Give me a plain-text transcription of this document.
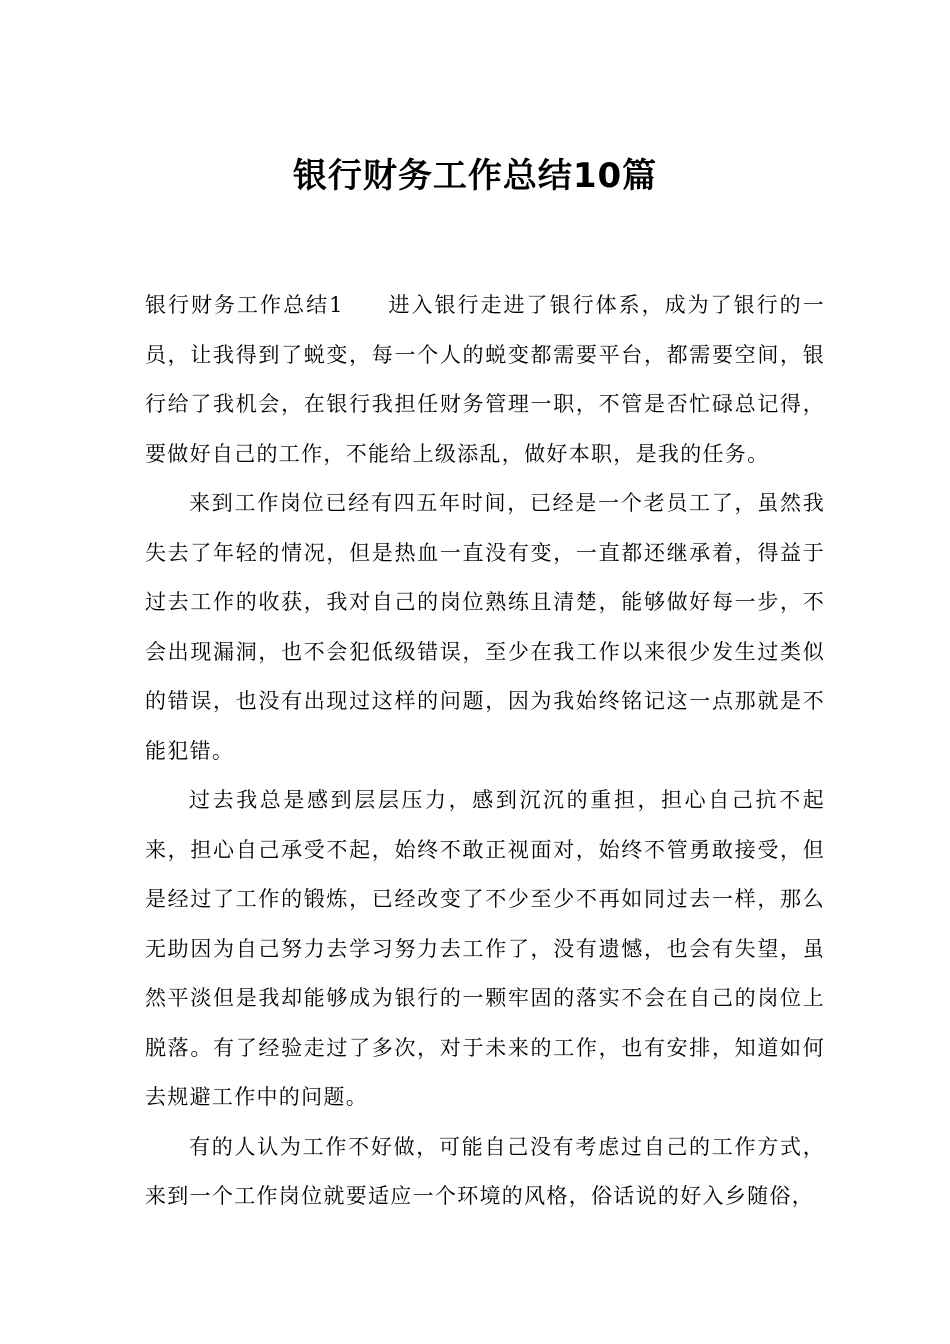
银行财务工作总结10篇

银行财务工作总结1 进入银行走进了银行体系，成为了银行的一员，让我得到了蜕变，每一个人的蜕变都需要平台，都需要空间，银行给了我机会，在银行我担任财务管理一职，不管是否忙碌总记得，要做好自己的工作，不能给上级添乱，做好本职，是我的任务。

来到工作岗位已经有四五年时间，已经是一个老员工了，虽然我失去了年轻的情况，但是热血一直没有变，一直都还继承着，得益于过去工作的收获，我对自己的岗位熟练且清楚，能够做好每一步，不会出现漏洞，也不会犯低级错误，至少在我工作以来很少发生过类似的错误，也没有出现过这样的问题，因为我始终铭记这一点那就是不能犯错。

过去我总是感到层层压力，感到沉沉的重担，担心自己抗不起来，担心自己承受不起，始终不敢正视面对，始终不管勇敢接受，但是经过了工作的锻炼，已经改变了不少至少不再如同过去一样，那么无助因为自己努力去学习努力去工作了，没有遗憾，也会有失望，虽然平淡但是我却能够成为银行的一颗牢固的落实不会在自己的岗位上脱落。有了经验走过了多次，对于未来的工作，也有安排，知道如何去规避工作中的问题。

有的人认为工作不好做，可能自己没有考虑过自己的工作方式，来到一个工作岗位就要适应一个环境的风格，俗话说的好入乡随俗，
